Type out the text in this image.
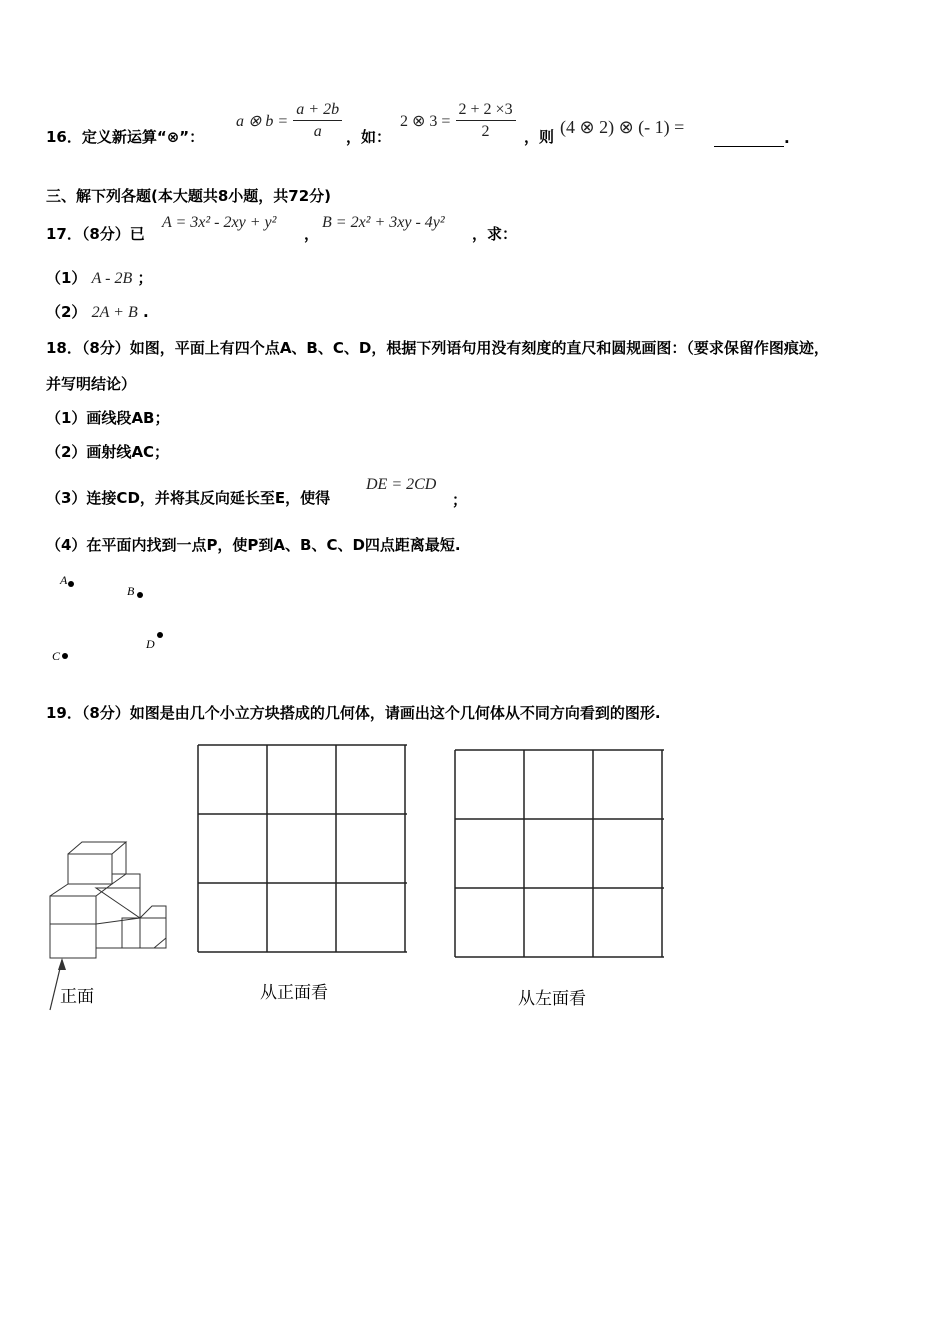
16．定义新运算“⊗”：
a ⊗ $b = \frac{a + 2b}{a}$ ，如：
2 ⊗ $3 = \frac{2 + 2 \times 3}{2}$ ，则 (4 ⊗ 2) ⊗ (- 1) =
.
三、解下列各题(本大题共8小题，共72分)
17．（8分）已
A = 3x² - 2xy + y²
，
B = 2x² + 3xy - 4y²
，求：
（1） A - 2B ；
（2） 2A + B .
18．（8分）如图，平面上有四个点A、B、C、D，根据下列语句用没有刻度的直尺和圆规画图：（要求保留作图痕迹，
并写明结论）
（1）画线段AB；
（2）画射线AC；
（3）连接CD，并将其反向延长至E，使得
DE = 2CD
；
（4）在平面内找到一点P，使P到A、B、C、D四点距离最短.
A
B
C
D
19．（8分）如图是由几个小立方块搭成的几何体，请画出这个几何体从不同方向看到的图形.
正面	从正面看	从左面看
